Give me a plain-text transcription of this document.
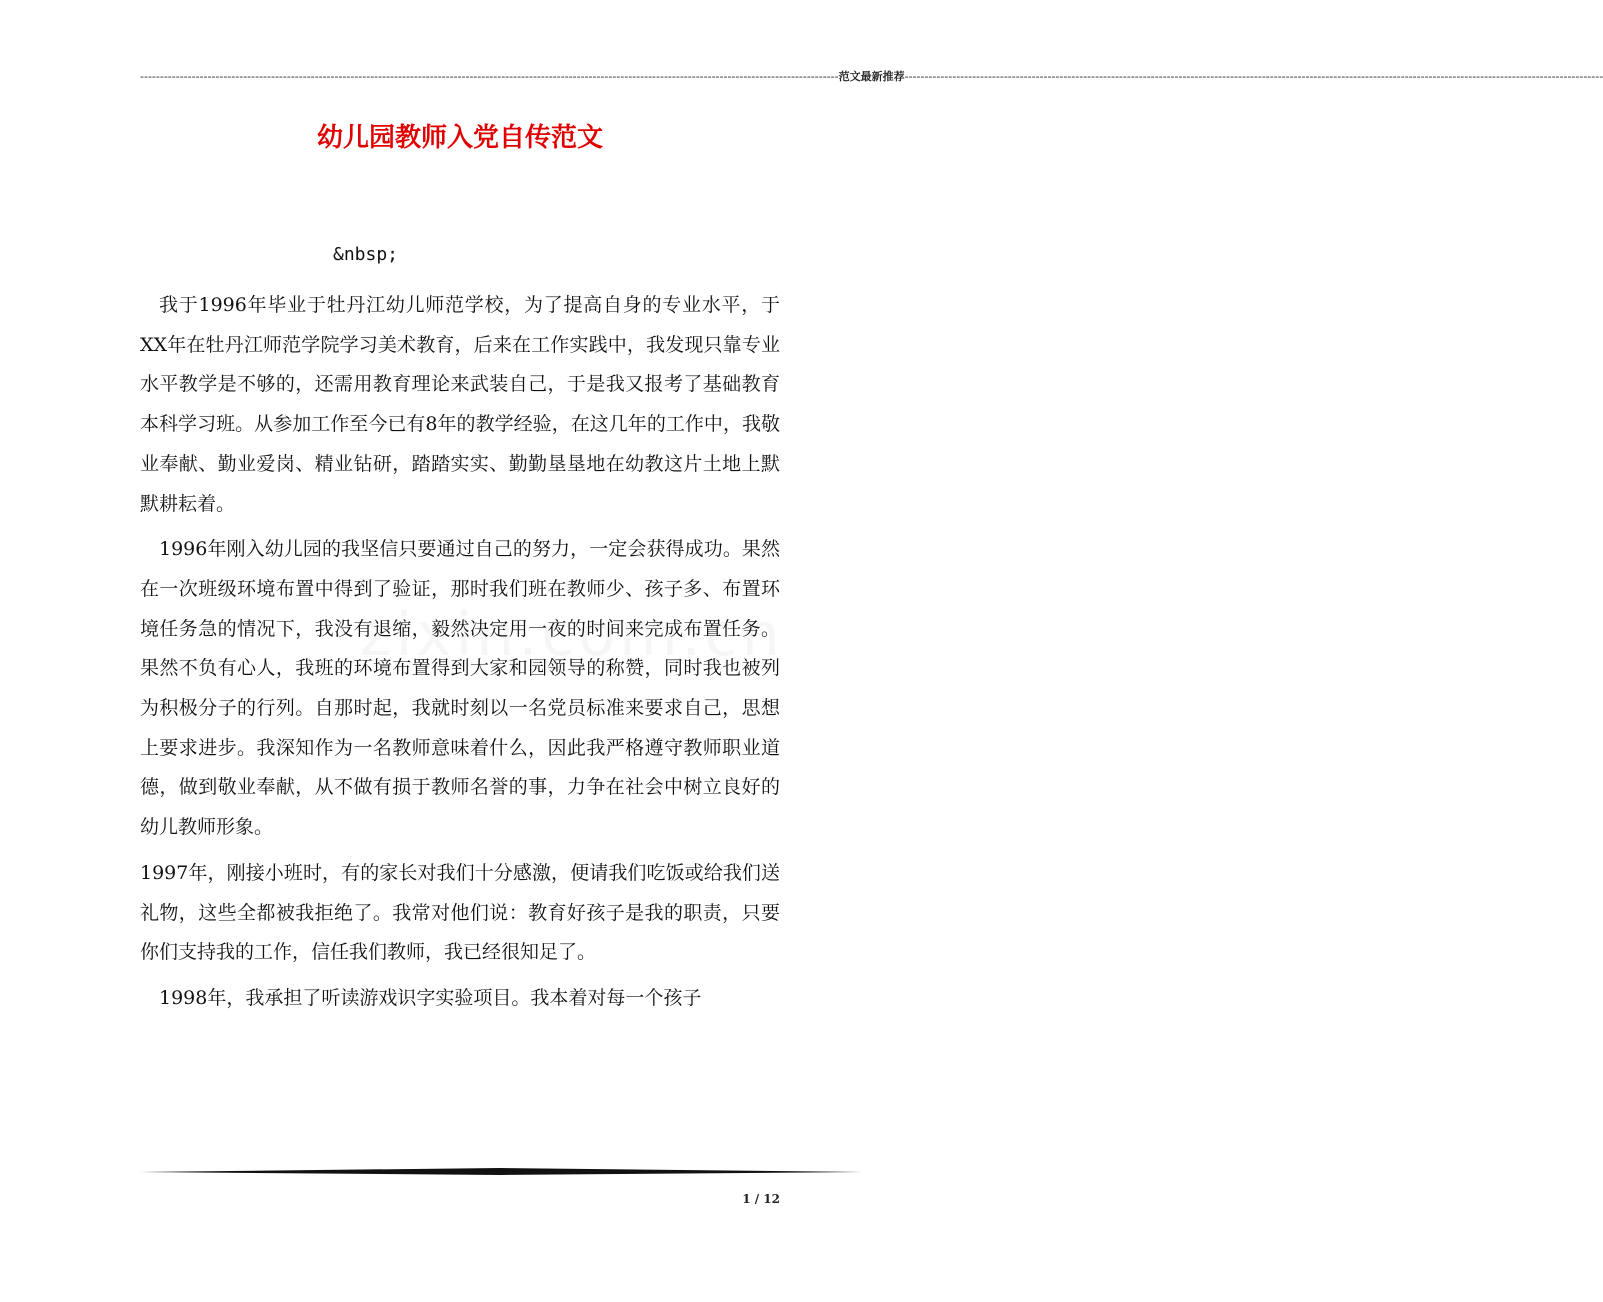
-------------------------------------------------------------------------------------------------------------------------------------------------------------------------------- 范文最新推荐 --------------------------------------------------------------------------------------------------------------------------------------------------------------------------------
幼儿园教师入党自传范文
&nbsp;

我于1996年毕业于牡丹江幼儿师范学校，为了提高自身的专业水平，于XX年在牡丹江师范学院学习美术教育，后来在工作实践中，我发现只靠专业水平教学是不够的，还需用教育理论来武装自己，于是我又报考了基础教育本科学习班。从参加工作至今已有8年的教学经验，在这几年的工作中，我敬业奉献、勤业爱岗、精业钻研，踏踏实实、勤勤垦垦地在幼教这片土地上默默耕耘着。

1996年刚入幼儿园的我坚信只要通过自己的努力，一定会获得成功。果然在一次班级环境布置中得到了验证，那时我们班在教师少、孩子多、布置环境任务急的情况下，我没有退缩，毅然决定用一夜的时间来完成布置任务。果然不负有心人，我班的环境布置得到大家和园领导的称赞，同时我也被列为积极分子的行列。自那时起，我就时刻以一名党员标准来要求自己，思想上要求进步。我深知作为一名教师意味着什么，因此我严格遵守教师职业道德，做到敬业奉献，从不做有损于教师名誉的事，力争在社会中树立良好的幼儿教师形象。

1997年，刚接小班时，有的家长对我们十分感激，便请我们吃饭或给我们送礼物，这些全都被我拒绝了。我常对他们说：教育好孩子是我的职责，只要你们支持我的工作，信任我们教师，我已经很知足了。

1998年，我承担了听读游戏识字实验项目。我本着对每一个孩子

1 / 12
